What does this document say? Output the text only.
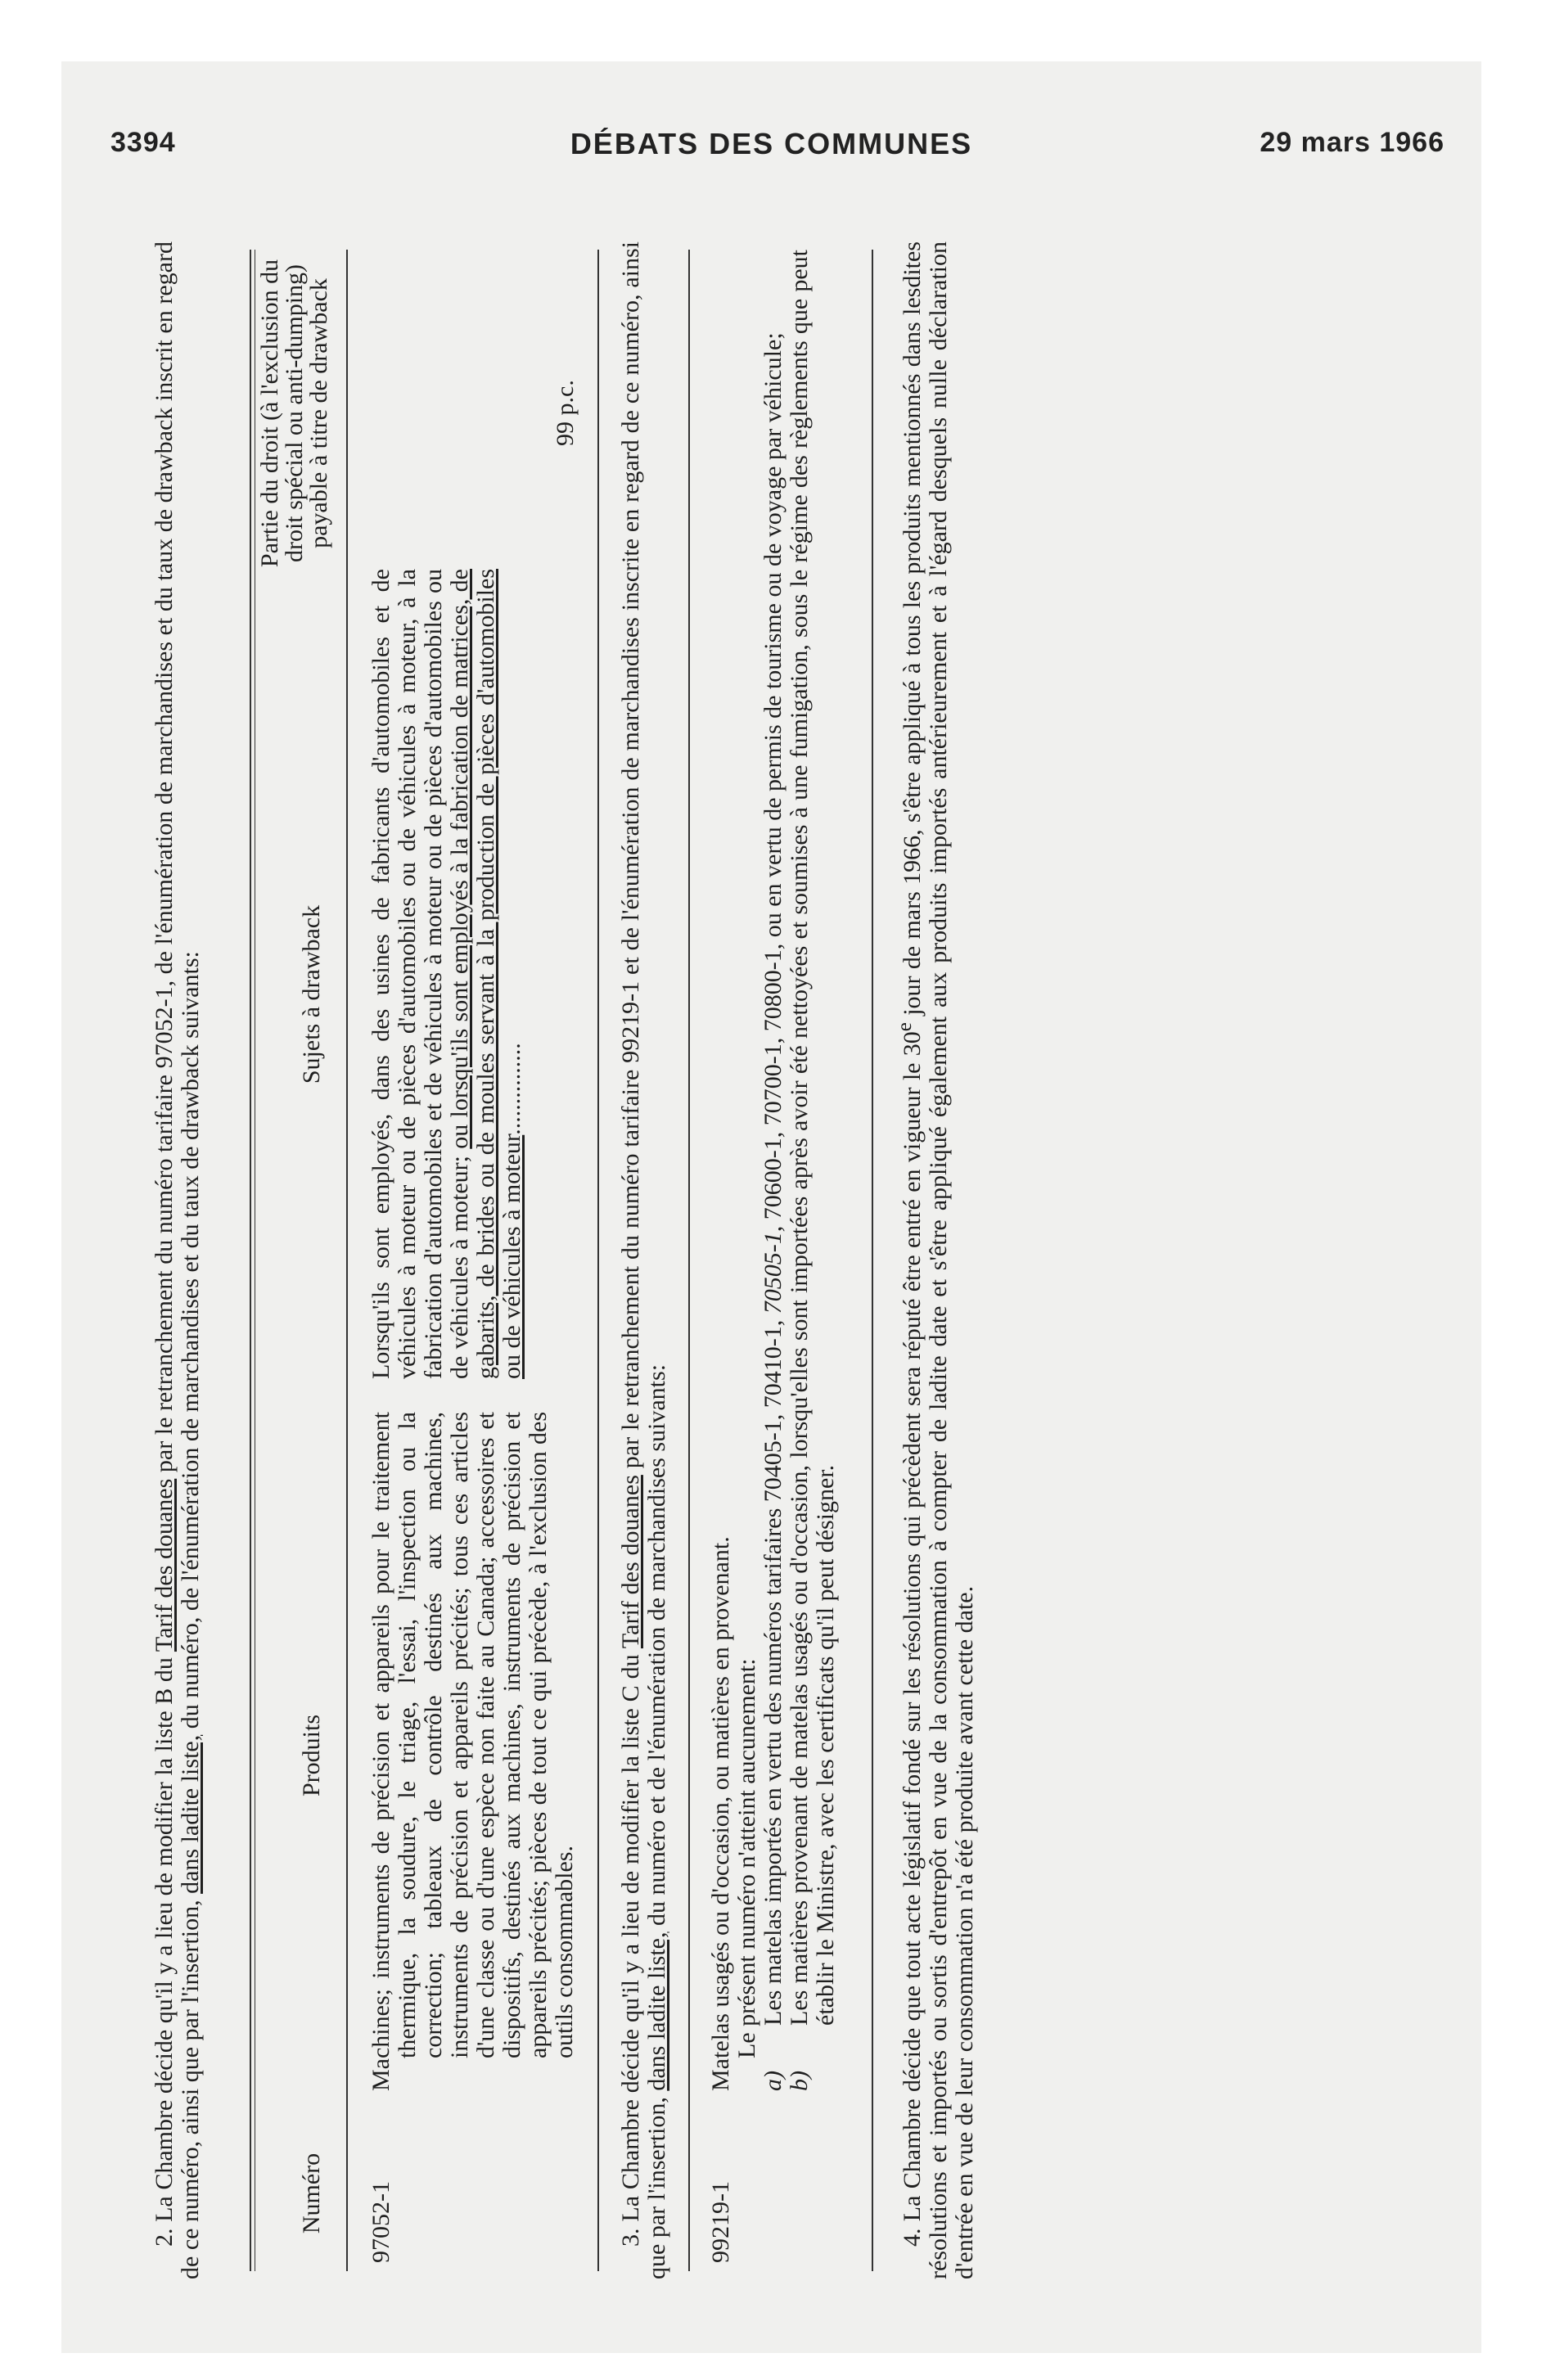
3394	DÉBATS DES COMMUNES	29 mars 1966

2. La Chambre décide qu'il y a lieu de modifier la liste B du Tarif des douanes par le retranchement du numéro tarifaire 97052-1, de l'énumération de marchandises et du taux de drawback inscrit en regard de ce numéro, ainsi que par l'insertion, dans ladite liste, du numéro, de l'énumération de marchandises et du taux de drawback suivants:

Numéro
Produits
Sujets à drawback
Partie du droit (à l'exclusion du droit spécial ou anti-dumping) payable à titre de drawback
97052-1
Machines; instruments de précision et appareils pour le traitement thermique, la soudure, le triage, l'essai, l'inspection ou la correction; tableaux de contrôle destinés aux machines, instruments de précision et appareils précités; tous ces articles d'une classe ou d'une espèce non faite au Canada; accessoires et dispositifs, destinés aux machines, instruments de précision et appareils précités; pièces de tout ce qui précède, à l'exclusion des outils consommables.
Lorsqu'ils sont employés, dans des usines de fabricants d'automobiles et de véhicules à moteur ou de pièces d'automobiles ou de véhicules à moteur, à la fabrication d'automobiles et de véhicules à moteur ou de pièces d'automobiles ou de véhicules à moteur; ou lorsqu'ils sont employés à la fabrication de matrices, de gabarits, de brides ou de moules servant à la production de pièces d'automobiles ou de véhicules à moteur...............
99 p.c.

3. La Chambre décide qu'il y a lieu de modifier la liste C du Tarif des douanes par le retranchement du numéro tarifaire 99219-1 et de l'énumération de marchandises inscrite en regard de ce numéro, ainsi que par l'insertion, dans ladite liste, du numéro et de l'énumération de marchandises suivants:

99219-1
Matelas usagés ou d'occasion, ou matières en provenant. Le présent numéro n'atteint aucunement:
a)Les matelas importés en vertu des numéros tarifaires 70405-1, 70410-1, 70505-1, 70600-1, 70700-1, 70800-1, ou en vertu de permis de tourisme ou de voyage par véhicule;
b)Les matières provenant de matelas usagés ou d'occasion, lorsqu'elles sont importées après avoir été nettoyées et soumises à une fumigation, sous le régime des règlements que peut établir le Ministre, avec les certificats qu'il peut désigner.

4. La Chambre décide que tout acte législatif fondé sur les résolutions qui précèdent sera réputé être entré en vigueur le 30e jour de mars 1966, s'être appliqué à tous les produits mentionnés dans lesdites résolutions et importés ou sortis d'entrepôt en vue de la consommation à compter de ladite date et s'être appliqué également aux produits importés antérieurement et à l'égard desquels nulle déclaration d'entrée en vue de leur consommation n'a été produite avant cette date.
